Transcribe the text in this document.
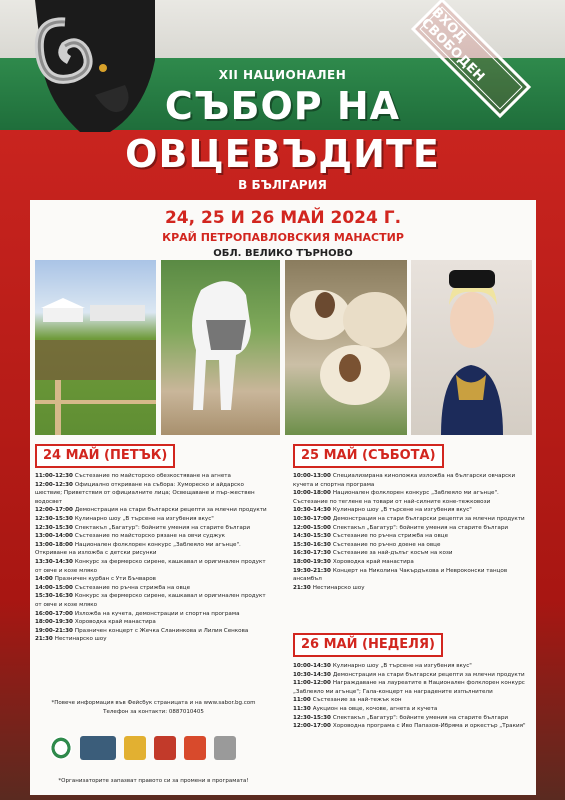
XII НАЦИОНАЛЕН
СЪБОР НА
ОВЦЕВЪДИТЕ
В БЪЛГАРИЯ
ВХОД СВОБОДЕН
24, 25 И 26 МАЙ 2024 Г.
КРАЙ ПЕТРОПАВЛОВСКИЯ МАНАСТИР
ОБЛ. ВЕЛИКО ТЪРНОВО
24 МАЙ (ПЕТЪК)	25 МАЙ (СЪБОТА)
26 МАЙ (НЕДЕЛЯ)
11:00-12:30 Състезание по майсторско обезкостяване на агнета
12:00-12:30 Официално откриване на събора: Хумореско и айдарско шествие; Приветствия от официалните лица; Освещаване и пър-жествен водосвет
12:00-17:00 Демонстрация на стари български рецепти за млечни продукти
12:30-15:30 Кулинарно шоу „В търсене на изгубения вкус"
12:30-15:30 Спектакъл „Багатур": бойните умения на старите българи
13:00-14:00 Състезание по майсторско рязане на овчи суджук
13:00-18:00 Национален фолклорен конкурс „Заблеяло ми агънце". Откриване на изложба с детски рисунки
13:30-14:30 Конкурс за фермерско сирене, кашкавал и оригинален продукт от овче и козе мляко
14:00 Празничен курбан с Ути Бъчваров
14:00-15:00 Състезание по ръчна стрижба на овце
15:30-16:30 Конкурс за фермерско сирене, кашкавал и оригинален продукт от овче и козе мляко
16:00-17:00 Изложба на кучета, демонстрации и спортна програма
18:00-19:30 Хороводка край манастира
19:00-21:30 Празничен концерт с Жечка Сланинкова и Лилия Сенкова
21:30 Нестинарско шоу
10:00-13:00 Специализирана киноложка изложба на български овчарски кучета и спортна програма
10:00-18:00 Национален фолклорен конкурс „Заблеяло ми агънце". Състезание по теглене на товари от най-силните коне-тежковози
10:30-14:30 Кулинарно шоу „В търсене на изгубения вкус"
10:30-17:00 Демонстрация на стари български рецепти за млечни продукти
12:00-15:00 Спектакъл „Багатур": бойните умения на старите българи
14:30-15:30 Състезание по ръчна стрижба на овце
15:30-16:30 Състезание по ръчно доене на овце
16:30-17:30 Състезание за най-дълъг косъм на кози
18:00-19:30 Хороводка край манастира
19:30-21:30 Концерт на Николина Чакърдъкова и Невроконски танцов ансамбъл
21:30 Нестинарско шоу
10:00-14:30 Кулинарно шоу „В търсене на изгубения вкус"
10:30-14:30 Демонстрация на стари български рецепти за млечни продукти
11:00-12:00 Награждаване на лауреатите в Национален фолклорен конкурс „Заблеяло ми агънце"; Гала-концерт на наградените изпълнители
11:00 Състезание за най-тежък кон
11:30 Аукцион на овце, кочове, агнета и кучета
12:30-15:30 Спектакъл „Багатур": бойните умения на старите българи
12:00-17:00 Хороводна програма с Иво Папазов-Ибряма и оркестър „Тракия"
*Повече информация във Фейсбук страницата и на www.sabor.bg.com
Телефон за контакти: 0887010405
*Организаторите запазват правото си за промени в програмата!
